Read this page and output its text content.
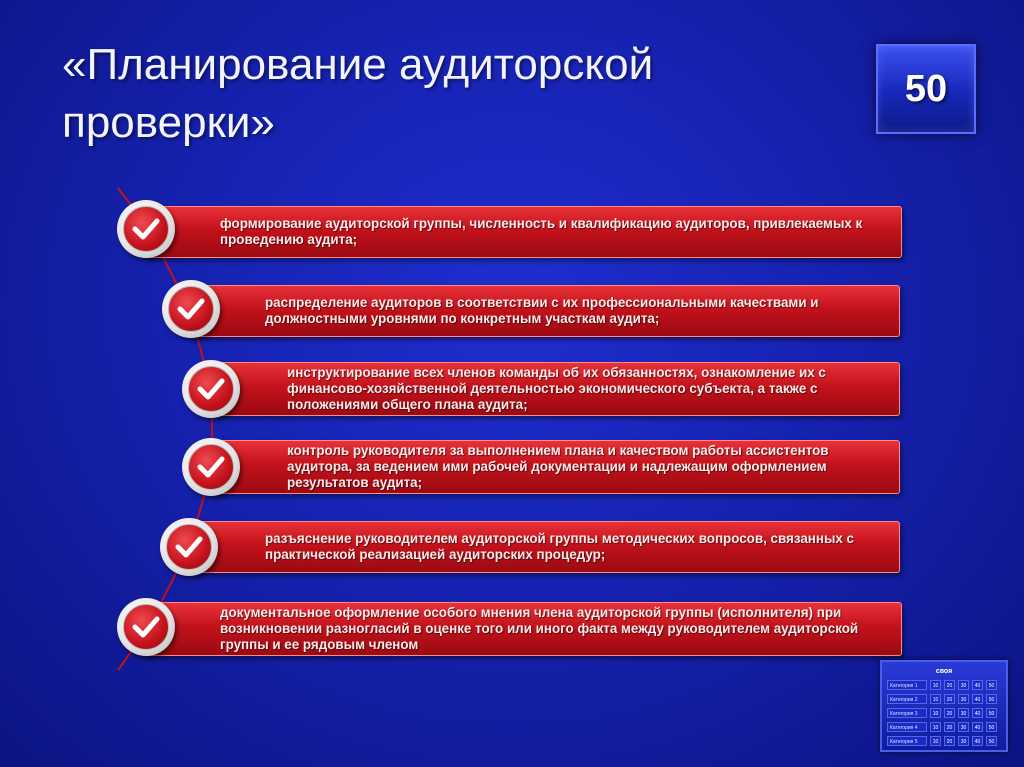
«Планирование аудиторской проверки»
50
формирование аудиторской группы, численность и квалификацию аудиторов, привлекаемых к проведению аудита;
распределение аудиторов в соответствии с их профессиональными качествами и должностными уровнями по конкретным участкам аудита;
инструктирование всех членов команды об их обязанностях, ознакомление их с финансово-хозяйственной деятельностью экономического субъекта, а также с положениями общего плана аудита;
контроль руководителя за выполнением плана и качеством работы ассистентов аудитора, за ведением ими рабочей документации и надлежащим оформлением результатов аудита;
разъяснение руководителем аудиторской группы методических вопросов, связанных с практической реализацией аудиторских процедур;
документальное оформление особого мнения члена аудиторской группы (исполнителя) при возникновении разногласий в оценке того или иного факта между руководителем аудиторской группы и ее рядовым членом
своя
Категория 1	10	20	30	40	50
Категория 2	10	20	30	40	50
Категория 3	10	20	30	40	50
Категория 4	10	20	30	40	50
Категория 5	10	20	30	40	50
